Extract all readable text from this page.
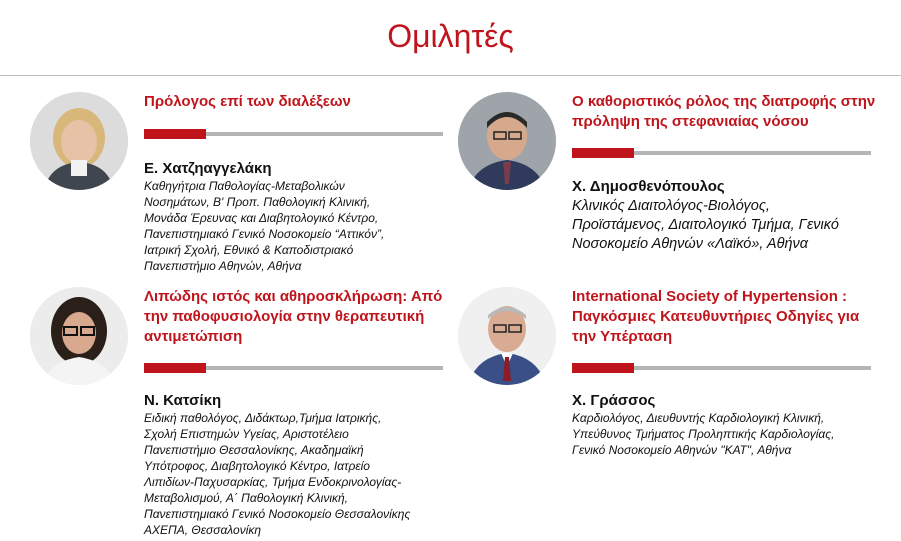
Ομιλητές
Πρόλογος επί των διαλέξεων

Ε. Χατζηαγγελάκη

Καθηγήτρια Παθολογίας-Μεταβολικών
Νοσημάτων, Β' Προπ. Παθολογική Κλινική,
Μονάδα Έρευνας και Διαβητολογικό Κέντρο,
Πανεπιστημιακό Γενικό Νοσοκομείο “Αττικόν”,
Ιατρική Σχολή, Εθνικό & Καποδιστριακό
Πανεπιστήμιο Αθηνών, Αθήνα

Ο καθοριστικός ρόλος της διατροφής στην πρόληψη της στεφανιαίας νόσου

Χ. Δημοσθενόπουλος

Κλινικός Διαιτολόγος-Βιολόγος,
Προϊστάμενος, Διαιτολογικό Τμήμα, Γενικό
Νοσοκομείο Αθηνών «Λαϊκό», Αθήνα

Λιπώδης ιστός και αθηροσκλήρωση: Από την παθοφυσιολογία στην θεραπευτική αντιμετώπιση

Ν. Κατσίκη

Ειδική παθολόγος, Διδάκτωρ,Τμήμα Ιατρικής,
Σχολή Επιστημών Υγείας, Αριστοτέλειο
Πανεπιστήμιο Θεσσαλονίκης, Ακαδημαϊκή
Υπότροφος, Διαβητολογικό Κέντρο, Ιατρείο
Λιπιδίων-Παχυσαρκίας, Τμήμα Ενδοκρινολογίας-
Μεταβολισμού, Α΄ Παθολογική Κλινική,
Πανεπιστημιακό Γενικό Νοσοκομείο Θεσσαλονίκης
ΑΧΕΠΑ, Θεσσαλονίκη

International Society of Hypertension : Παγκόσμιες Κατευθυντήριες Οδηγίες για την Υπέρταση

Χ. Γράσσος

Καρδιολόγος, Διευθυντής Καρδιολογική Κλινική,
Υπεύθυνος Τμήματος Προληπτικής Καρδιολογίας,
Γενικό Νοσοκομείο Αθηνών "ΚΑΤ", Αθήνα
